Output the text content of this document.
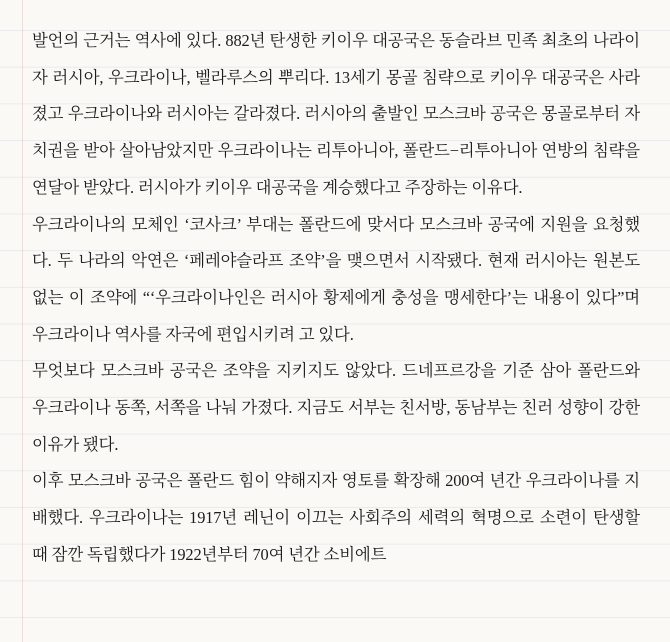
발언의 근거는 역사에 있다. 882년 탄생한 키이우 대공국은 동슬라브 민족 최초의 나라이자 러시아, 우크라이나, 벨라루스의 뿌리다. 13세기 몽골 침략으로 키이우 대공국은 사라졌고 우크라이나와 러시아는 갈라졌다. 러시아의 출발인 모스크바 공국은 몽골로부터 자치권을 받아 살아남았지만 우크라이나는 리투아니아, 폴란드−리투아니아 연방의 침략을 연달아 받았다. 러시아가 키이우 대공국을 계승했다고 주장하는 이유다.

우크라이나의 모체인 ‘코사크’ 부대는 폴란드에 맞서다 모스크바 공국에 지원을 요청했다. 두 나라의 악연은 ‘페레야슬라프 조약’을 맺으면서 시작됐다. 현재 러시아는 원본도 없는 이 조약에 “‘우크라이나인은 러시아 황제에게 충성을 맹세한다’는 내용이 있다”며 우크라이나 역사를 자국에 편입시키려 고 있다.

무엇보다 모스크바 공국은 조약을 지키지도 않았다. 드네프르강을 기준 삼아 폴란드와 우크라이나 동쪽, 서쪽을 나눠 가졌다. 지금도 서부는 친서방, 동남부는 친러 성향이 강한 이유가 됐다.

이후 모스크바 공국은 폴란드 힘이 약해지자 영토를 확장해 200여 년간 우크라이나를 지배했다. 우크라이나는 1917년 레닌이 이끄는 사회주의 세력의 혁명으로 소련이 탄생할 때 잠깐 독립했다가 1922년부터 70여 년간 소비에트
